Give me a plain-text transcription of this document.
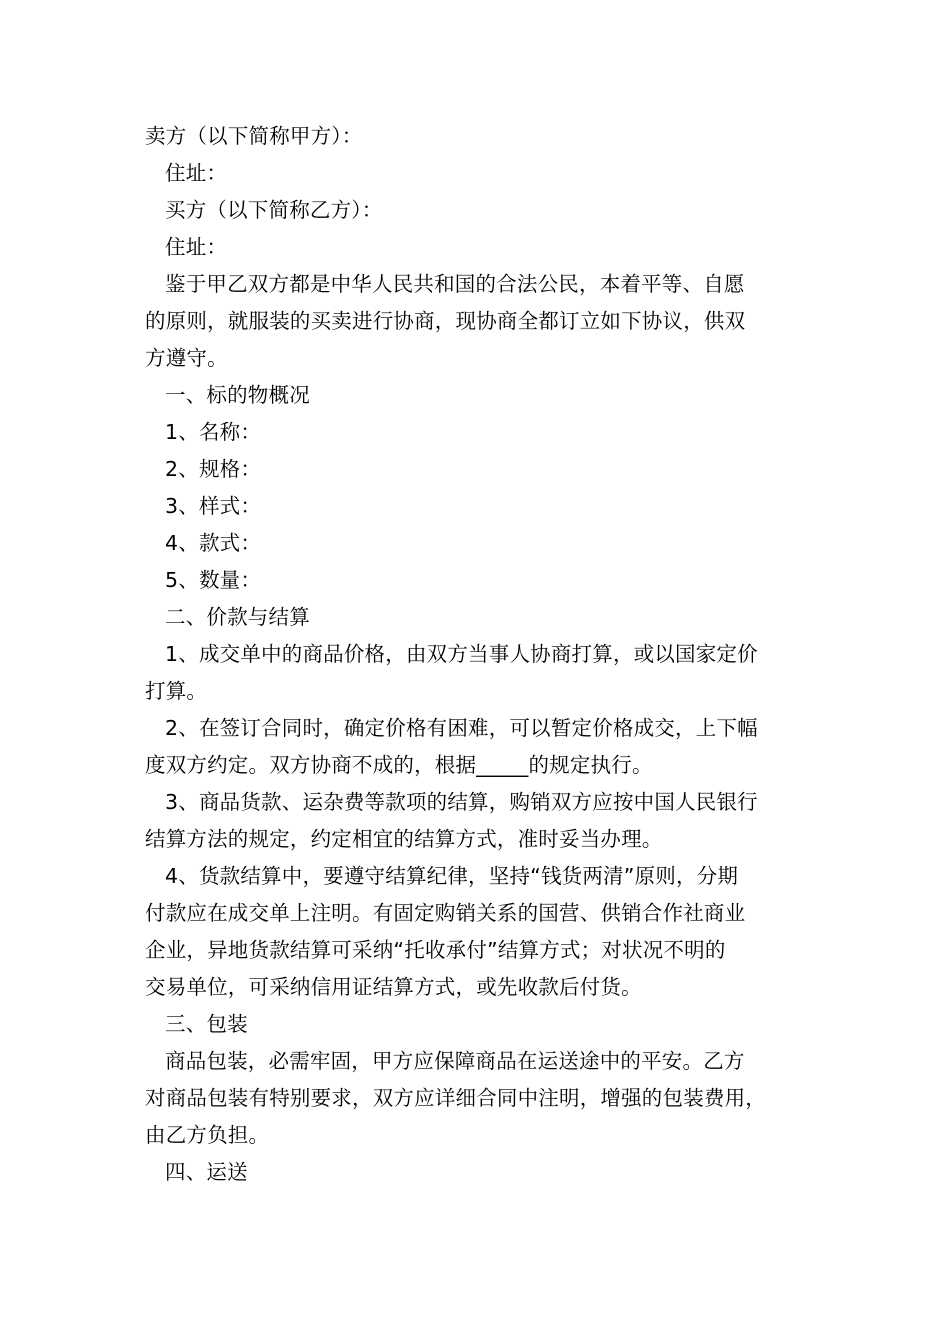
卖方（以下简称甲方）：
住址：
买方（以下简称乙方）：
住址：
鉴于甲乙双方都是中华人民共和国的合法公民，本着平等、自愿
的原则，就服装的买卖进行协商，现协商全都订立如下协议，供双
方遵守。
一、标的物概况
1、名称：
2、规格：
3、样式：
4、款式：
5、数量：
二、价款与结算
1、成交单中的商品价格，由双方当事人协商打算，或以国家定价
打算。
2、在签订合同时，确定价格有困难，可以暂定价格成交，上下幅
度双方约定。双方协商不成的，根据_____的规定执行。
3、商品货款、运杂费等款项的结算，购销双方应按中国人民银行
结算方法的规定，约定相宜的结算方式，准时妥当办理。
4、货款结算中，要遵守结算纪律，坚持“钱货两清”原则，分期
付款应在成交单上注明。有固定购销关系的国营、供销合作社商业
企业，异地货款结算可采纳“托收承付”结算方式；对状况不明的
交易单位，可采纳信用证结算方式，或先收款后付货。
三、包装
商品包装，必需牢固，甲方应保障商品在运送途中的平安。乙方
对商品包装有特别要求，双方应详细合同中注明，增强的包装费用，
由乙方负担。
四、运送
